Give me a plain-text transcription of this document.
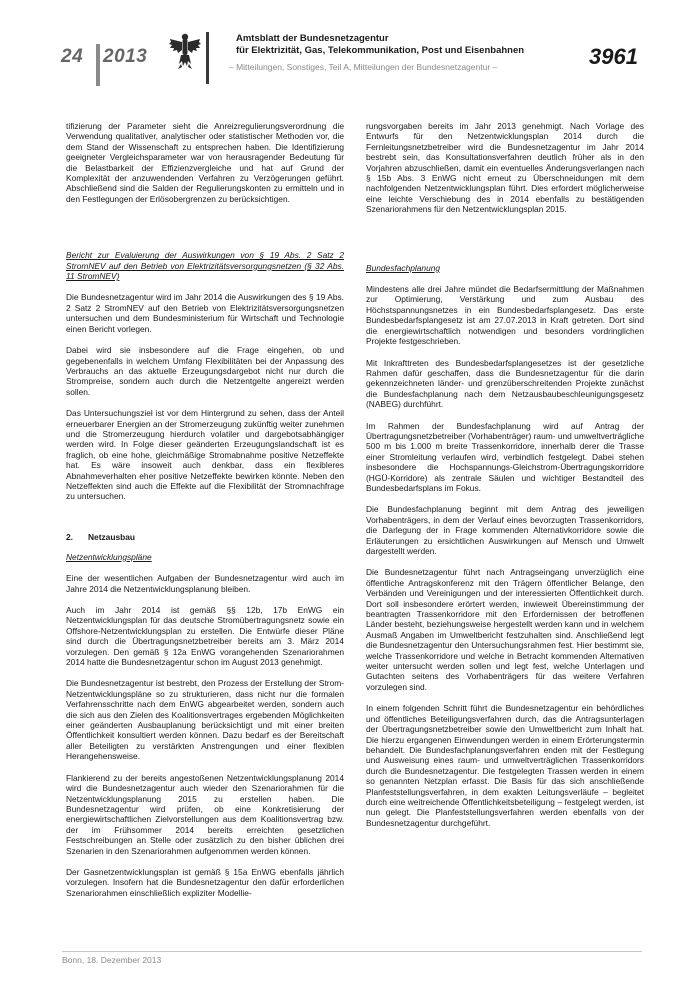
24 2013
Amtsblatt der Bundesnetzagentur
für Elektrizität, Gas, Telekommunikation, Post und Eisenbahnen
– Mitteilungen, Sonstiges, Teil A, Mitteilungen der Bundesnetzagentur –	3961

tifizierung der Parameter sieht die Anreizregulierungsverordnung die Verwendung qualitativer, analytischer oder statistischer Methoden vor, die dem Stand der Wissenschaft zu entsprechen haben. Die Identifizierung geeigneter Vergleichsparameter war von herausragender Bedeutung für die Belastbarkeit der Effizienzvergleiche und hat auf Grund der Komplexität der anzuwendenden Verfahren zu Verzögerungen geführt. Abschließend sind die Salden der Regulierungskonten zu ermitteln und in den Festlegungen der Erlösobergrenzen zu berücksichtigen.

Bericht zur Evaluierung der Auswirkungen von § 19 Abs. 2 Satz 2 StromNEV auf den Betrieb von Elektrizitätsversorgungsnetzen (§ 32 Abs. 11 StromNEV)

Die Bundesnetzagentur wird im Jahr 2014 die Auswirkungen des § 19 Abs. 2 Satz 2 StromNEV auf den Betrieb von Elektrizitätsversorgungsnetzen untersuchen und dem Bundesministerium für Wirtschaft und Technologie einen Bericht vorlegen.

Dabei wird sie insbesondere auf die Frage eingehen, ob und gegebenenfalls in welchem Umfang Flexibilitäten bei der Anpassung des Verbrauchs an das aktuelle Erzeugungsdargebot nicht nur durch die Strompreise, sondern auch durch die Netzentgelte angereizt werden sollen.

Das Untersuchungsziel ist vor dem Hintergrund zu sehen, dass der Anteil erneuerbarer Energien an der Stromerzeugung zukünftig weiter zunehmen und die Stromerzeugung hierdurch volatiler und dargebotsabhängiger werden wird. In Folge dieser geänderten Erzeugungslandschaft ist es fraglich, ob eine hohe, gleichmäßige Stromabnahme positive Netzeffekte hat. Es wäre insoweit auch denkbar, dass ein flexibleres Abnahmeverhalten eher positive Netzeffekte bewirken könnte. Neben den Netzeffekten sind auch die Effekte auf die Flexibilität der Stromnachfrage zu untersuchen.

2. Netzausbau

Netzentwicklungspläne

Eine der wesentlichen Aufgaben der Bundesnetzagentur wird auch im Jahre 2014 die Netzentwicklungsplanung bleiben.

Auch im Jahr 2014 ist gemäß §§ 12b, 17b EnWG ein Netzentwicklungsplan für das deutsche Stromübertragungsnetz sowie ein Offshore-Netzentwicklungsplan zu erstellen. Die Entwürfe dieser Pläne sind durch die Übertragungsnetzbetreiber bereits am 3. März 2014 vorzulegen. Den gemäß § 12a EnWG vorangehenden Szenariorahmen 2014 hatte die Bundesnetzagentur schon im August 2013 genehmigt.

Die Bundesnetzagentur ist bestrebt, den Prozess der Erstellung der Strom-Netzentwicklungspläne so zu strukturieren, dass nicht nur die formalen Verfahrensschritte nach dem EnWG abgearbeitet werden, sondern auch die sich aus den Zielen des Koalitionsvertrages ergebenden Möglichkeiten einer geänderten Ausbauplanung berücksichtigt und mit einer breiten Öffentlichkeit konsultiert werden können. Dazu bedarf es der Bereitschaft aller Beteiligten zu verstärkten Anstrengungen und einer flexiblen Herangehensweise.

Flankierend zu der bereits angestoßenen Netzentwicklungsplanung 2014 wird die Bundesnetzagentur auch wieder den Szenariorahmen für die Netzentwicklungsplanung 2015 zu erstellen haben. Die Bundesnetzagentur wird prüfen, ob eine Konkretisierung der energiewirtschaftlichen Zielvorstellungen aus dem Koalitionsvertrag bzw. der im Frühsommer 2014 bereits erreichten gesetzlichen Festschreibungen an Stelle oder zusätzlich zu den bisher üblichen drei Szenarien in den Szenariorahmen aufgenommen werden können.

Der Gasnetzentwicklungsplan ist gemäß § 15a EnWG ebenfalls jährlich vorzulegen. Insofern hat die Bundesnetzagentur den dafür erforderlichen Szenariorahmen einschließlich expliziter Modellie-

rungsvorgaben bereits im Jahr 2013 genehmigt. Nach Vorlage des Entwurfs für den Netzentwicklungsplan 2014 durch die Fernleitungsnetzbetreiber wird die Bundesnetzagentur im Jahr 2014 bestrebt sein, das Konsultationsverfahren deutlich früher als in den Vorjahren abzuschließen, damit ein eventuelles Änderungsverlangen nach § 15b Abs. 3 EnWG nicht erneut zu Überschneidungen mit dem nachfolgenden Netzentwicklungsplan führt. Dies erfordert möglicherweise eine leichte Verschiebung des in 2014 ebenfalls zu bestätigenden Szenariorahmens für den Netzentwicklungsplan 2015.

Bundesfachplanung

Mindestens alle drei Jahre mündet die Bedarfsermittlung der Maßnahmen zur Optimierung, Verstärkung und zum Ausbau des Höchstspannungsnetzes in ein Bundesbedarfsplangesetz. Das erste Bundesbedarfsplangesetz ist am 27.07.2013 in Kraft getreten. Dort sind die energiewirtschaftlich notwendigen und besonders vordringlichen Projekte festgeschrieben.

Mit Inkrafttreten des Bundesbedarfsplangesetzes ist der gesetzliche Rahmen dafür geschaffen, dass die Bundesnetzagentur für die darin gekennzeichneten länder- und grenzüberschreitenden Projekte zunächst die Bundesfachplanung nach dem Netzausbaubeschleunigungsgesetz (NABEG) durchführt.

Im Rahmen der Bundesfachplanung wird auf Antrag der Übertragungsnetzbetreiber (Vorhabenträger) raum- und umweltverträgliche 500 m bis 1.000 m breite Trassenkorridore, innerhalb derer die Trasse einer Stromleitung verlaufen wird, verbindlich festgelegt. Dabei stehen insbesondere die Hochspannungs-Gleichstrom-Übertragungskorridore (HGÜ-Korridore) als zentrale Säulen und wichtiger Bestandteil des Bundesbedarfsplans im Fokus.

Die Bundesfachplanung beginnt mit dem Antrag des jeweiligen Vorhabenträgers, in dem der Verlauf eines bevorzugten Trassenkorridors, die Darlegung der in Frage kommenden Alternativkorridore sowie die Erläuterungen zu ersichtlichen Auswirkungen auf Mensch und Umwelt dargestellt werden.

Die Bundesnetzagentur führt nach Antragseingang unverzüglich eine öffentliche Antragskonferenz mit den Trägern öffentlicher Belange, den Verbänden und Vereinigungen und der interessierten Öffentlichkeit durch. Dort soll insbesondere erörtert werden, inwieweit Übereinstimmung der beantragten Trassenkorridore mit den Erfordernissen der betroffenen Länder besteht, beziehungsweise hergestellt werden kann und in welchem Ausmaß Angaben im Umweltbericht festzuhalten sind. Anschließend legt die Bundesnetzagentur den Untersuchungsrahmen fest. Hier bestimmt sie, welche Trassenkorridore und welche in Betracht kommenden Alternativen weiter untersucht werden sollen und legt fest, welche Unterlagen und Gutachten seitens des Vorhabenträgers für das weitere Verfahren vorzulegen sind.

In einem folgenden Schritt führt die Bundesnetzagentur ein behördliches und öffentliches Beteiligungsverfahren durch, das die Antragsunterlagen der Übertragungsnetzbetreiber sowie den Umweltbericht zum Inhalt hat. Die hierzu ergangenen Einwendungen werden in einem Erörterungstermin behandelt. Die Bundesfachplanungsverfahren enden mit der Festlegung und Ausweisung eines raum- und umweltverträglichen Trassenkorridors durch die Bundesnetzagentur. Die festgelegten Trassen werden in einem so genannten Netzplan erfasst. Die Basis für das sich anschließende Planfeststellungsverfahren, in dem exakten Leitungsverläufe – begleitet durch eine weitreichende Öffentlichkeitsbeteiligung – festgelegt werden, ist nun gelegt. Die Planfeststellungsverfahren werden ebenfalls von der Bundesnetzagentur durchgeführt.

Bonn, 18. Dezember 2013
